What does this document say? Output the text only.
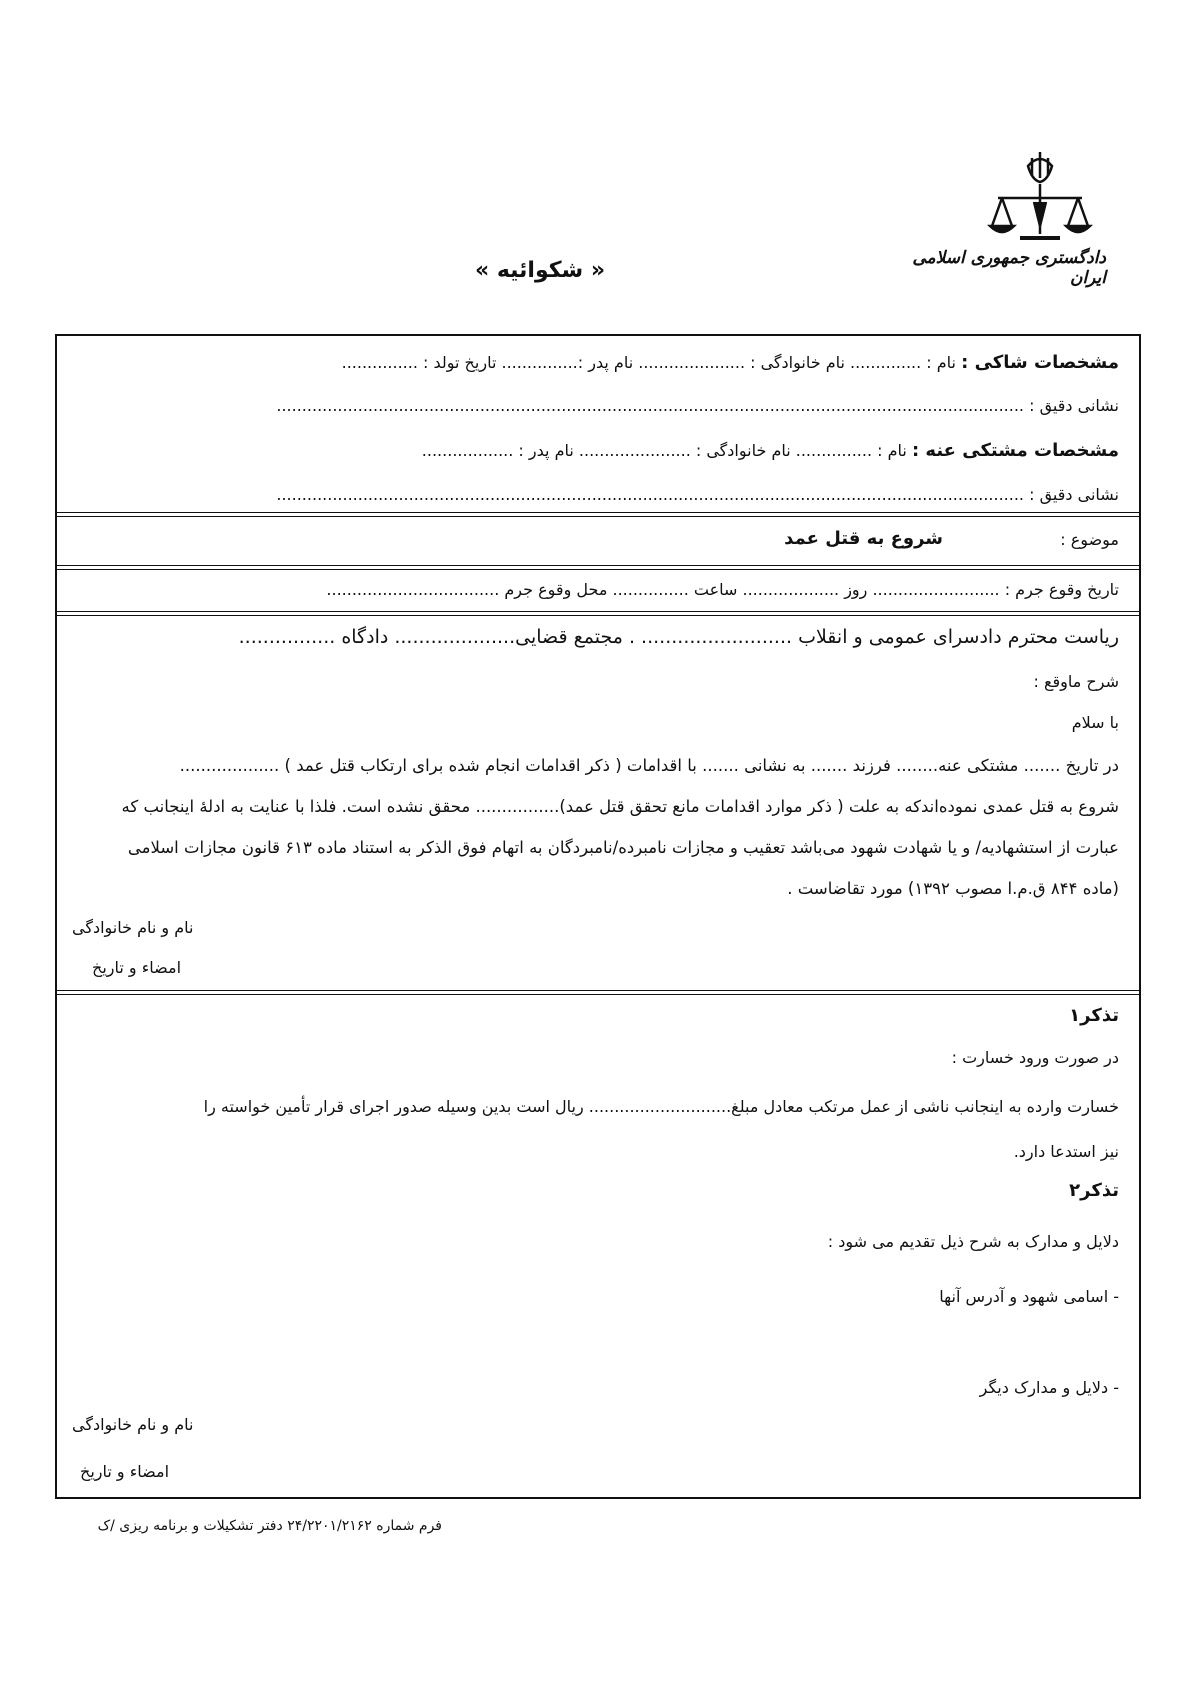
دادگستری جمهوری اسلامی ایران
« شکوائیه »
مشخصات شاکی : نام : .............. نام خانوادگی : ..................... نام پدر :............... تاریخ تولد : ...............
نشانی دقیق : ...................................................................................................................................................
مشخصات مشتکی عنه : نام : ............... نام خانوادگی : ...................... نام پدر : ..................
نشانی دقیق : ...................................................................................................................................................
موضوع :
شروع به قتل عمد
تاریخ وقوع جرم : ......................... روز ................... ساعت ............... محل وقوع جرم ..................................
ریاست محترم دادسرای عمومی و انقلاب ......................... . مجتمع قضایی.................... دادگاه ................
شرح ماوقع :
با سلام
در تاریخ ....... مشتکی عنه........ فرزند ....... به نشانی ....... با اقدامات ( ذکر اقدامات انجام شده برای ارتکاب قتل عمد ) ...................
شروع به قتل عمدی نموده‌اندکه به علت ( ذکر موارد اقدامات مانع تحقق قتل عمد)................ محقق نشده است. فلذا با عنایت به ادلهٔ اینجانب که
عبارت از استشهادیه/ و یا شهادت شهود می‌باشد تعقیب و مجازات نامبرده/نامبردگان به اتهام فوق الذکر به استناد ماده ۶۱۳ قانون مجازات اسلامی
(ماده ۸۴۴ ق.م.ا مصوب ۱۳۹۲) مورد تقاضاست .
نام و نام خانوادگی
امضاء و تاریخ
تذکر۱
در صورت ورود خسارت :
خسارت وارده به اینجانب ناشی از عمل مرتکب معادل مبلغ............................ ریال است بدین وسیله صدور اجرای قرار تأمین خواسته را
نیز استدعا دارد.
تذکر۲
دلایل و مدارک به شرح ذیل تقدیم می شود :
- اسامی شهود و آدرس آنها
- دلایل و مدارک دیگر
نام و نام خانوادگی
امضاء و تاریخ
فرم شماره ۲۴/۲۲۰۱/۲۱۶۲ دفتر تشکیلات و برنامه ریزی /ک
